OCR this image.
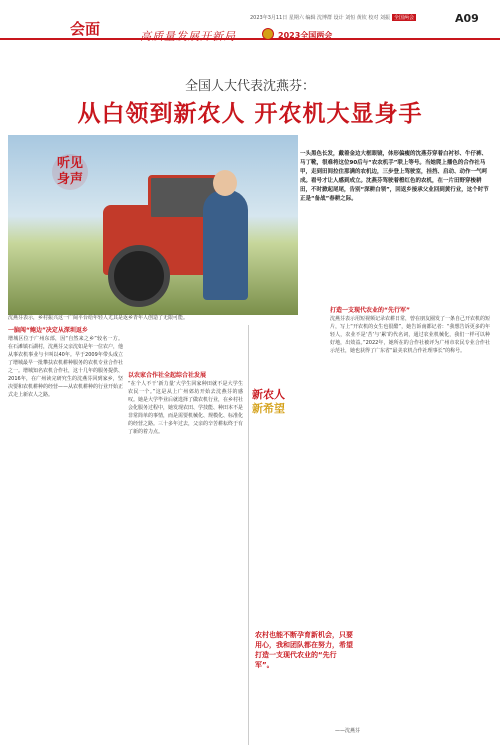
会面
2023年3月11日 星期六 编辑 沈博群 设计 刘恒 黄钦 校对 刘振 全国两会	A09
高质量发展开新局	2023全国两会
全国人大代表沈燕芬：
从白领到新农人 开农机大显身手
听见身声
沈燕芬表示，乡村振兴这一广阔平台给年轻人尤其是返乡青年人创造了无限可能。
一头黑色长发，戴着金边大框眼镜，体形偏瘦的沈燕芬穿着白衬衫、牛仔裤、马丁靴，很难将这位90后与“农农机手”联上等号。当她爬上播色的合作社马甲，走到田间拉住那满的农机边，三步登上驾驶室，挂挡、启动、动作一气呵成。看号才让人感到成立。沈燕芬驾驶着橙红色的农机，在一片田野穿梭耕田，不时掀起尾尾，告别“深耕白领”，回返乡接承父业回到黄行业，这个时节正是“备战”春耕之际。
一脑闯“鲍边”决定从深圳返乡
增城区位于广州东部，因“自然来之乡”较名一方。在石滩镇石湖村，沈燕芬父亲沈如是年一位农户，他从事农机事业与卡叫以40年。早于2009年带头成立了增城最早一批攀扶农机耕种服务的农机专业合作社之一。增城知名农机合作社，这十几年的服务提供、2016年，在广州读完研究生的沈燕芬回到家乡，坚决要和农机耕种的经营——从农机耕种的行业开始正式走上新农人之路。
以农家合作社全起综合社发展
“在个人不干‘新力量’大学生回家种田就不是大学生农民一个。”这是从上广州郊坊开始去沈燕芬的感叹。她是大学毕业后就选择了做农机行业，在乡村社会化服务过程中，她发现农田、学技能、种田本不是非常简单的事情，而是需要机械化、规模化、标准化的经营之路。三十多年过去，父亲的辛苦耕耘终于有了新的着力点。
打造一支现代农业的“先行军”
沈燕芬表示用短视频记录农耕日常，曾在朋友圈发了一条自己开农机的短片，写上“开农机的女生也很酷”，她告诉南都记者：“我想告诉更多的年轻人，农业不是‘苦’与‘累’的代名词，通过农业机械化，我们一样可以种好地，出效益。”2022年，她所在的合作社被评为广州市农民专业合作社示范社，她也获得了广东省“最美农机合作社理事长”的称号。
新农人
新希望
农村也能不断孕育新机会，只要用心，我和团队都在努力，希望打造一支现代农业的“先行军”。
——沈燕芬
